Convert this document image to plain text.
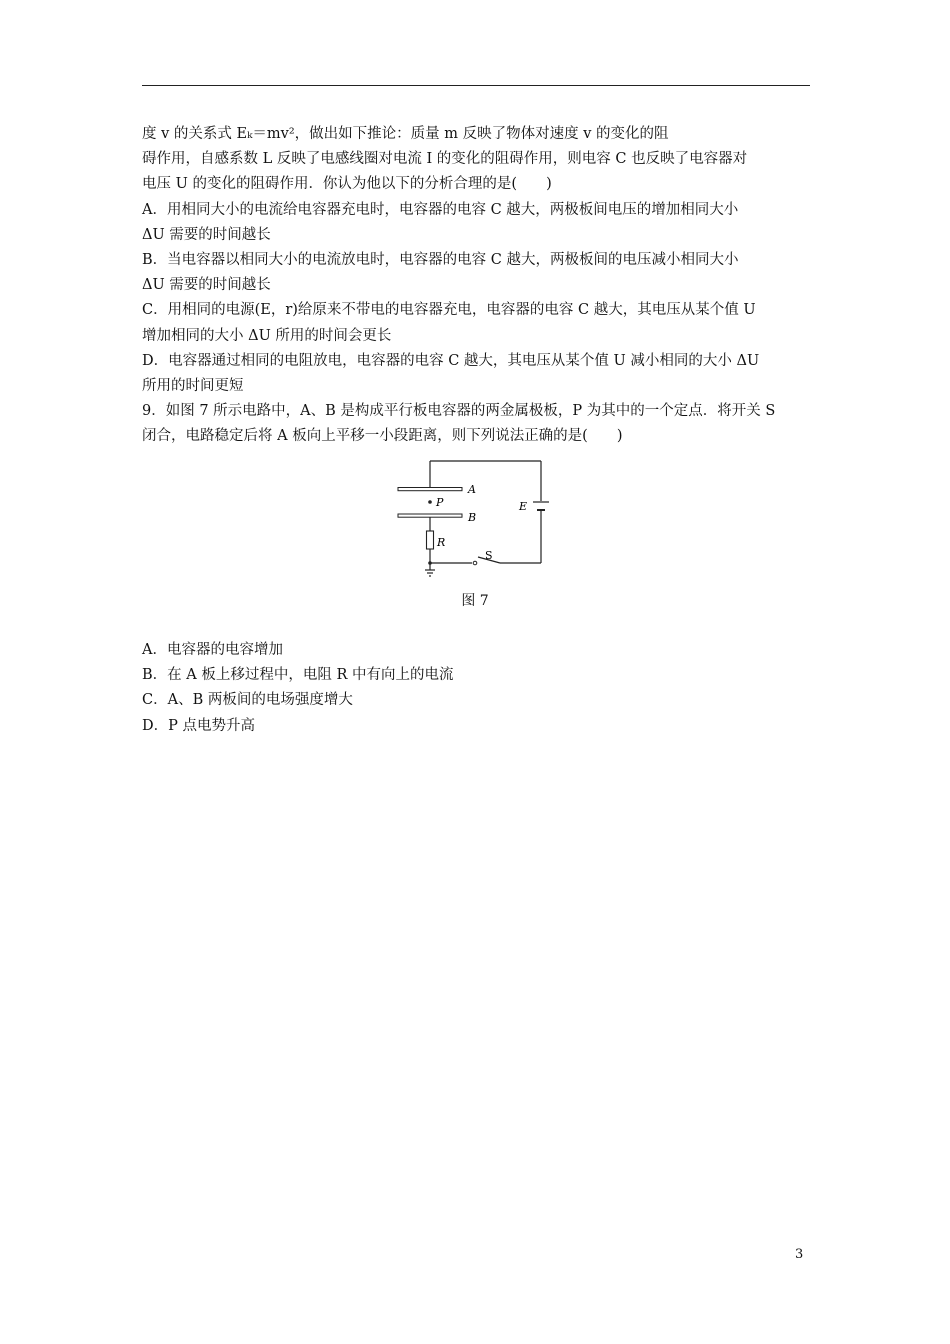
度 v 的关系式 Eₖ＝mv²，做出如下推论：质量 m 反映了物体对速度 v 的变化的阻
碍作用，自感系数 L 反映了电感线圈对电流 I 的变化的阻碍作用，则电容 C 也反映了电容器对
电压 U 的变化的阻碍作用．你认为他以下的分析合理的是(　　)
A．用相同大小的电流给电容器充电时，电容器的电容 C 越大，两极板间电压的增加相同大小
ΔU 需要的时间越长
B．当电容器以相同大小的电流放电时，电容器的电容 C 越大，两极板间的电压减小相同大小
ΔU 需要的时间越长
C．用相同的电源(E，r)给原来不带电的电容器充电，电容器的电容 C 越大，其电压从某个值 U
增加相同的大小 ΔU 所用的时间会更长
D．电容器通过相同的电阻放电，电容器的电容 C 越大，其电压从某个值 U 减小相同的大小 ΔU
所用的时间更短
9．如图 7 所示电路中，A、B 是构成平行板电容器的两金属极板，P 为其中的一个定点．将开关 S
闭合，电路稳定后将 A 板向上平移一小段距离，则下列说法正确的是(　　)
A
B
P	E
R
S
图 7
A．电容器的电容增加
B．在 A 板上移过程中，电阻 R 中有向上的电流
C．A、B 两板间的电场强度增大
D．P 点电势升高
3
